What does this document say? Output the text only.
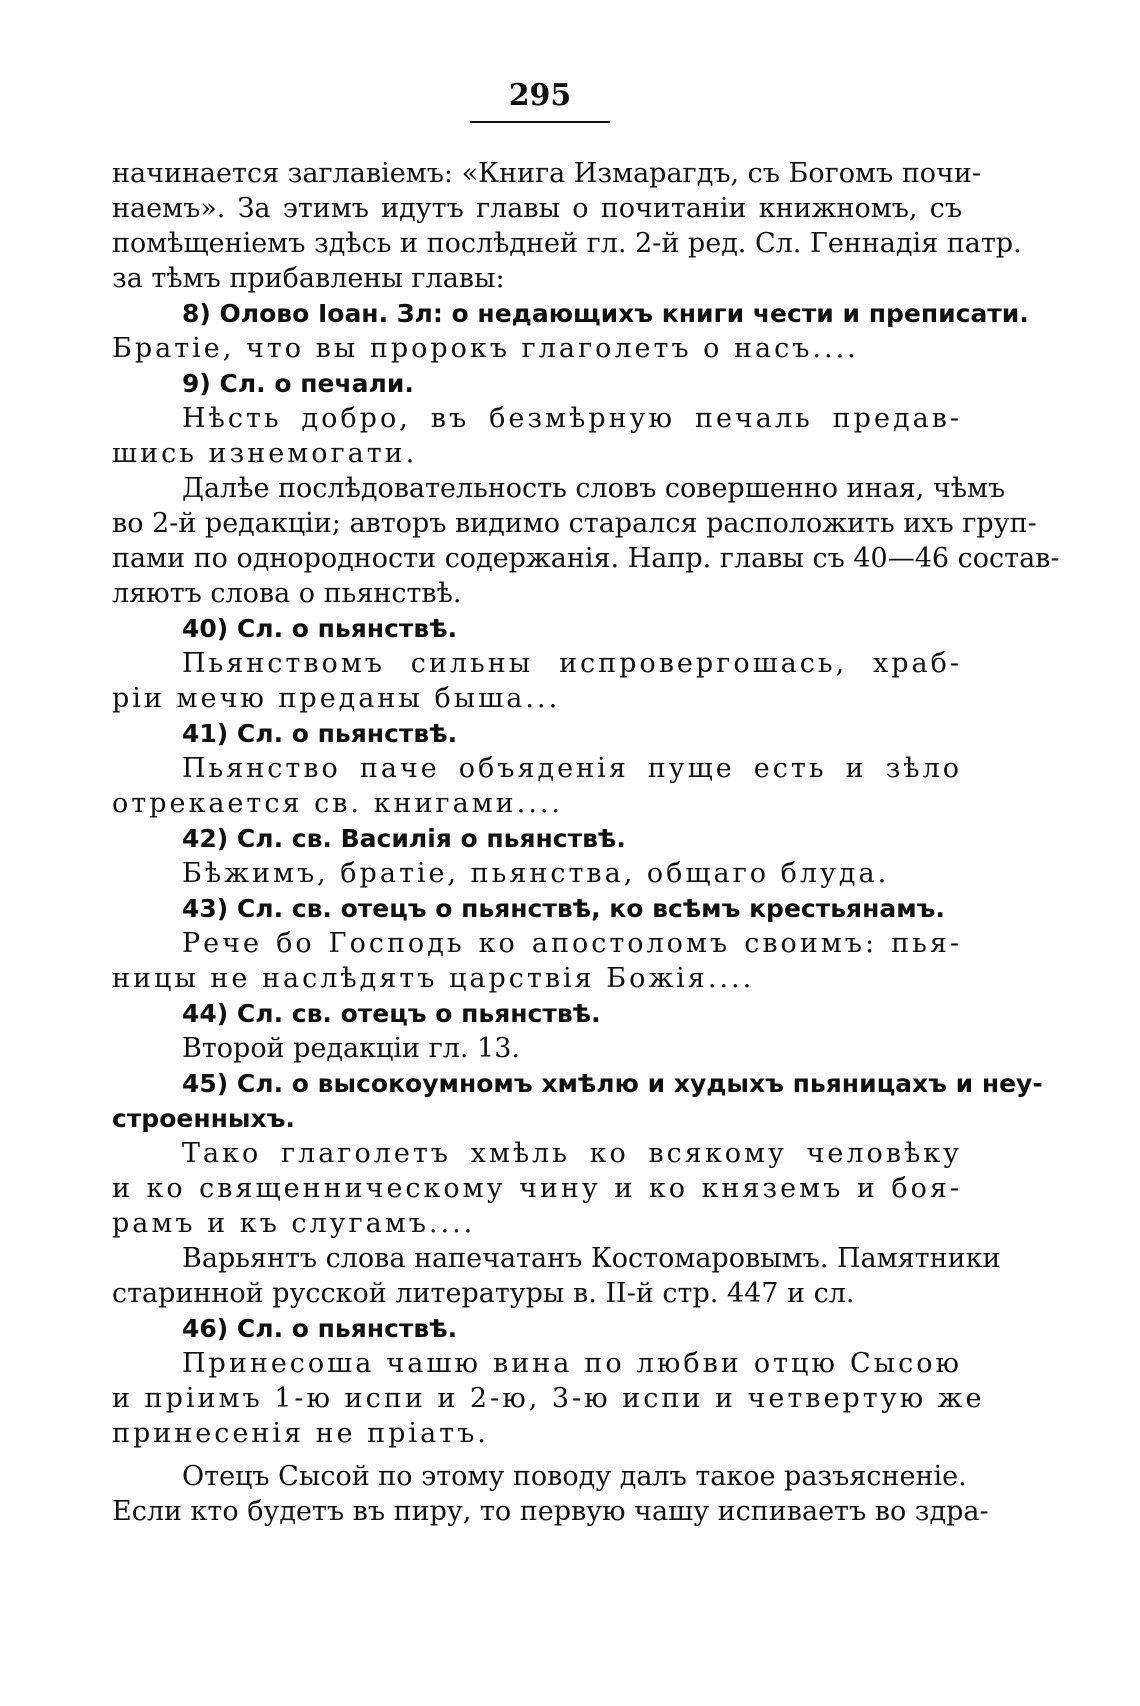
295
начинается заглавіемъ: «Книга Измарагдъ, съ Богомъ почи-
наемъ». За этимъ идутъ главы о почитаніи книжномъ, съ
помѣщеніемъ здѣсь и послѣдней гл. 2-й ред. Сл. Геннадія патр.
за тѣмъ прибавлены главы:
8) Олово Іоан. Зл: о недающихъ книги чести и преписати.
Братіе, что вы пророкъ глаголетъ о насъ....
9) Сл. о печали.
Нѣсть добро, въ безмѣрную печаль предав-
шись изнемогати.
Далѣе послѣдовательность словъ совершенно иная, чѣмъ
во 2-й редакціи; авторъ видимо старался расположить ихъ груп-
пами по однородности содержанія. Напр. главы съ 40—46 состав-
ляютъ слова о пьянствѣ.
40) Сл. о пьянствѣ.
Пьянствомъ сильны испровергошась, храб-
ріи мечю преданы быша...
41) Сл. о пьянствѣ.
Пьянство паче объяденія пуще есть и зѣло
отрекается св. книгами....
42) Сл. св. Василія о пьянствѣ.
Бѣжимъ, братіе, пьянства, общаго блуда.
43) Сл. св. отецъ о пьянствѣ, ко всѣмъ крестьянамъ.
Рече бо Господь ко апостоломъ своимъ: пья-
ницы не наслѣдятъ царствія Божія....
44) Сл. св. отецъ о пьянствѣ.
Второй редакціи гл. 13.
45) Сл. о высокоумномъ хмѣлю и худыхъ пьяницахъ и неу-
строенныхъ.
Тако глаголетъ хмѣль ко всякому человѣку
и ко священническому чину и ко княземъ и боя-
рамъ и къ слугамъ....
Варьянтъ слова напечатанъ Костомаровымъ. Памятники
старинной русской литературы в. ІІ-й стр. 447 и сл.
46) Сл. о пьянствѣ.
Принесоша чашю вина по любви отцю Сысою
и пріимъ 1-ю испи и 2-ю, 3-ю испи и четвертую же
принесенія не пріатъ.
Отецъ Сысой по этому поводу далъ такое разъясненіе.
Если кто будетъ въ пиру, то первую чашу испиваетъ во здра-
